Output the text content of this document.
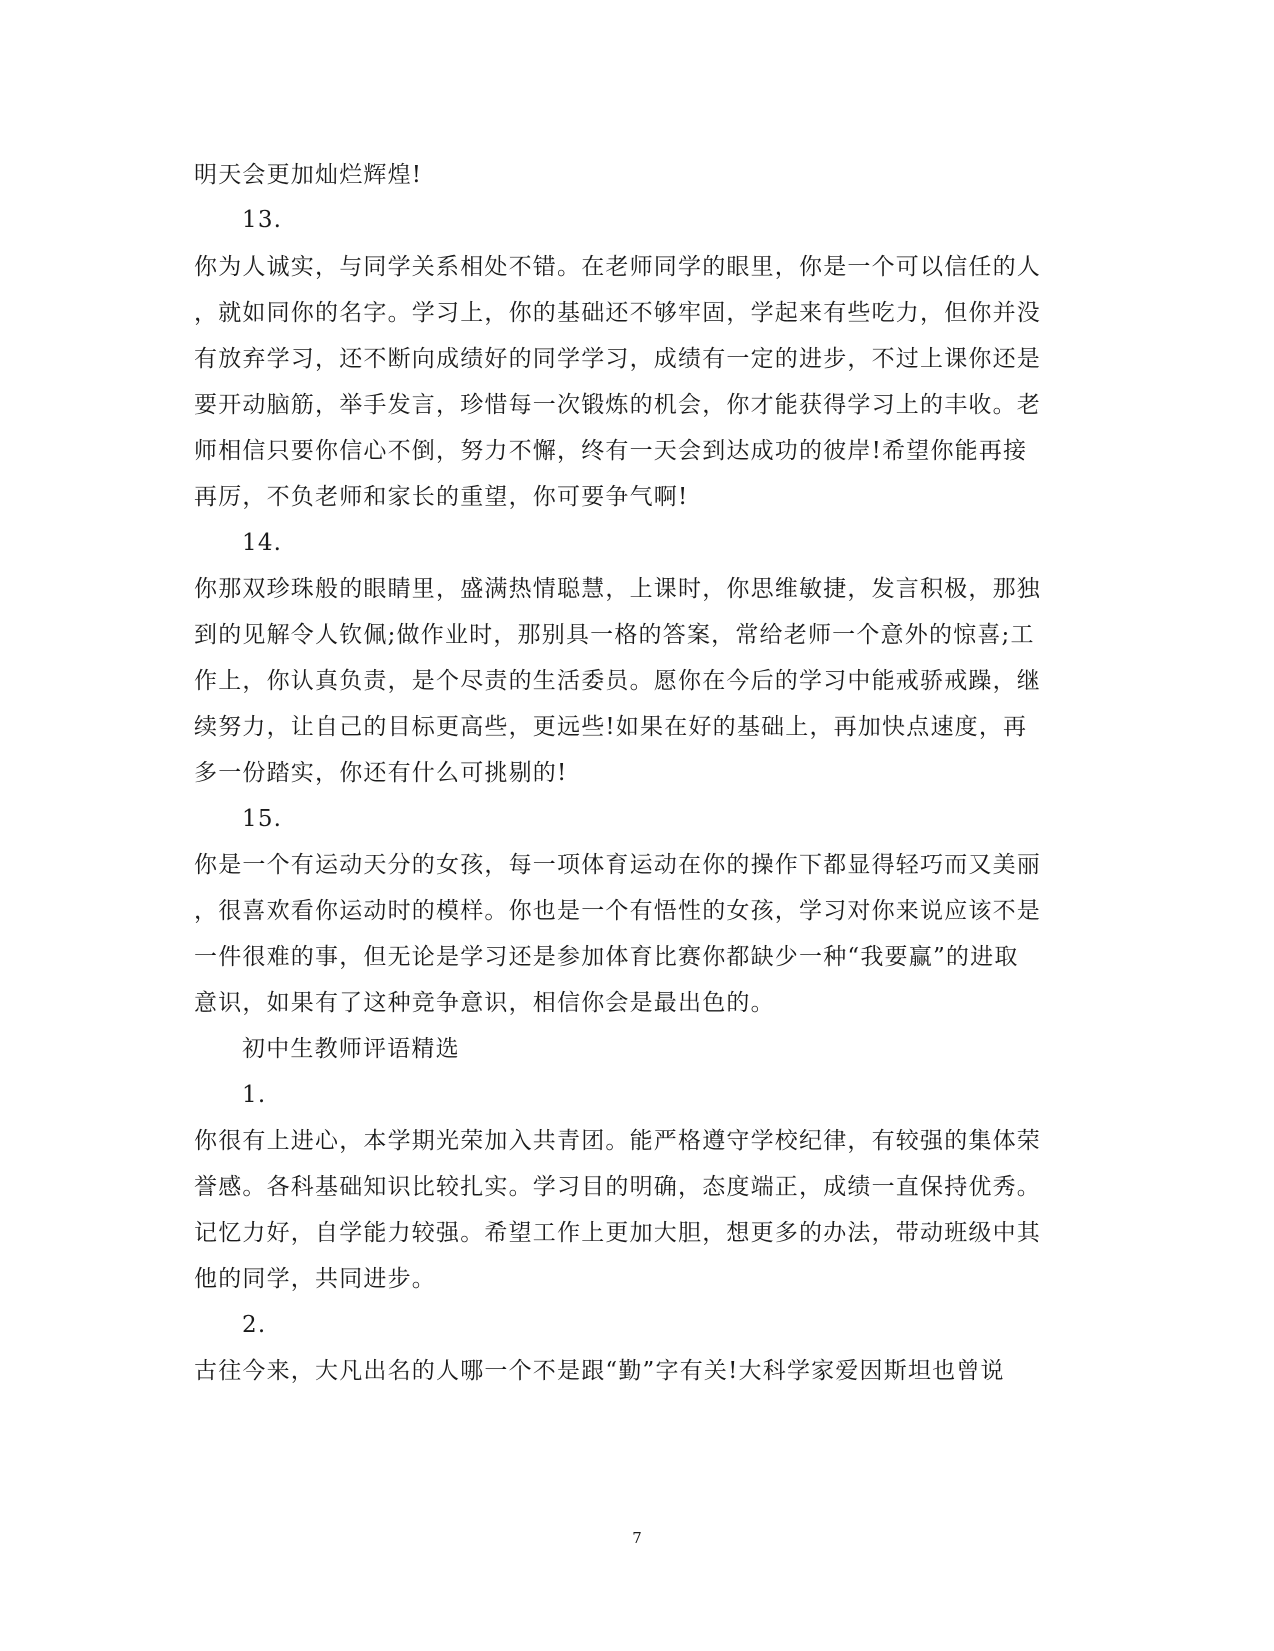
明天会更加灿烂辉煌!
13.
你为人诚实，与同学关系相处不错。在老师同学的眼里，你是一个可以信任的人
，就如同你的名字。学习上，你的基础还不够牢固，学起来有些吃力，但你并没
有放弃学习，还不断向成绩好的同学学习，成绩有一定的进步，不过上课你还是
要开动脑筋，举手发言，珍惜每一次锻炼的机会，你才能获得学习上的丰收。老
师相信只要你信心不倒，努力不懈，终有一天会到达成功的彼岸!希望你能再接
再厉，不负老师和家长的重望，你可要争气啊!
14.
你那双珍珠般的眼睛里，盛满热情聪慧，上课时，你思维敏捷，发言积极，那独
到的见解令人钦佩;做作业时，那别具一格的答案，常给老师一个意外的惊喜;工
作上，你认真负责，是个尽责的生活委员。愿你在今后的学习中能戒骄戒躁，继
续努力，让自己的目标更高些，更远些!如果在好的基础上，再加快点速度，再
多一份踏实，你还有什么可挑剔的!
15.
你是一个有运动天分的女孩，每一项体育运动在你的操作下都显得轻巧而又美丽
，很喜欢看你运动时的模样。你也是一个有悟性的女孩，学习对你来说应该不是
一件很难的事，但无论是学习还是参加体育比赛你都缺少一种“我要赢”的进取
意识，如果有了这种竞争意识，相信你会是最出色的。
初中生教师评语精选
1.
你很有上进心，本学期光荣加入共青团。能严格遵守学校纪律，有较强的集体荣
誉感。各科基础知识比较扎实。学习目的明确，态度端正，成绩一直保持优秀。
记忆力好，自学能力较强。希望工作上更加大胆，想更多的办法，带动班级中其
他的同学，共同进步。
2.
古往今来，大凡出名的人哪一个不是跟“勤”字有关!大科学家爱因斯坦也曾说
7
